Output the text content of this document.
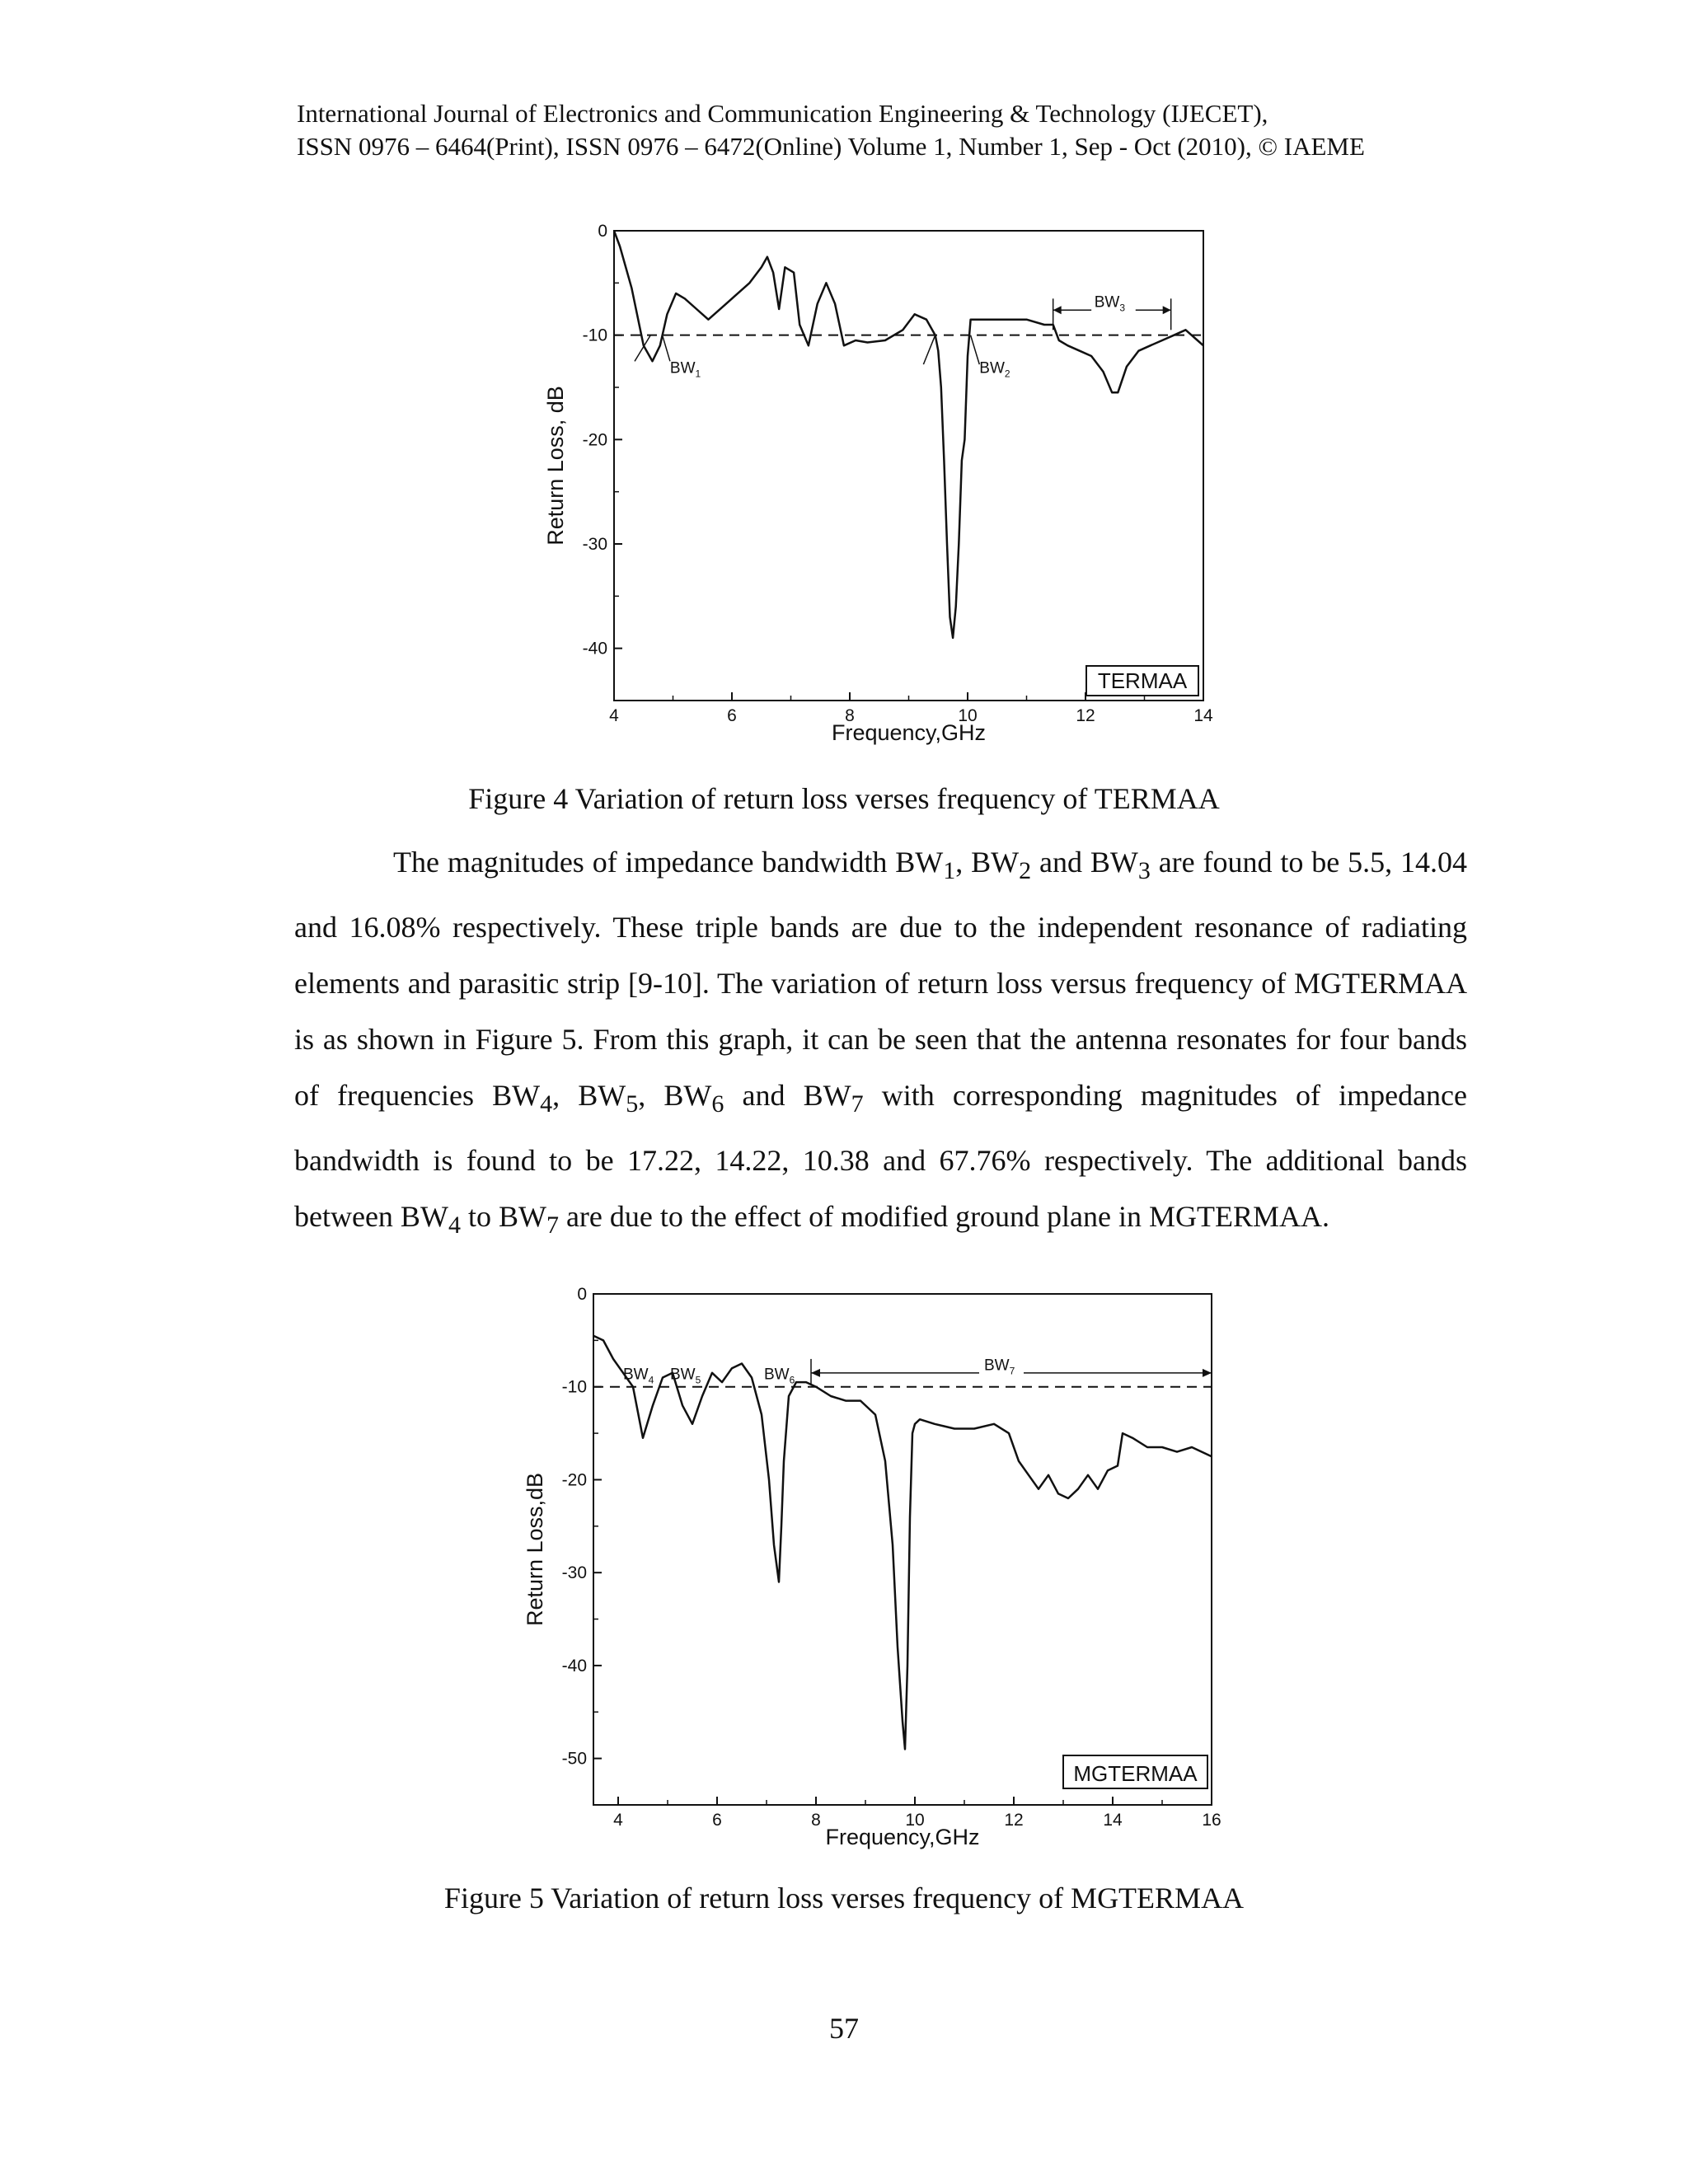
International Journal of Electronics and Communication Engineering & Technology (IJECET),
ISSN 0976 – 6464(Print), ISSN 0976 – 6472(Online) Volume 1, Number 1, Sep - Oct (2010), © IAEME
4	6	8	10	12	14
0
-10
-20
-30
-40
Frequency,GHz
Return Loss, dB
TERMAA
$BW_1$	$BW_2$
$BW_3$
Figure 4 Variation of return loss verses frequency of TERMAA

The magnitudes of impedance bandwidth $BW_1$, $BW_2$ and $BW_3$ are found to be 5.5, 14.04 and 16.08% respectively. These triple bands are due to the independent resonance of radiating elements and parasitic strip [9-10]. The variation of return loss versus frequency of MGTERMAA is as shown in Figure 5. From this graph, it can be seen that the antenna resonates for four bands of frequencies $BW_4$, $BW_5$, $BW_6$ and $BW_7$ with corresponding magnitudes of impedance bandwidth is found to be 17.22, 14.22, 10.38 and 67.76% respectively. The additional bands between $BW_4$ to $BW_7$ are due to the effect of modified ground plane in MGTERMAA.

4	6	8	10	12	14	16
0
-10
-20
-30
-40
-50
Frequency,GHz
Return Loss,dB
MGTERMAA
$BW_4$ $BW_5$	$BW_6$
$BW_7$
Figure 5 Variation of return loss verses frequency of MGTERMAA
57
